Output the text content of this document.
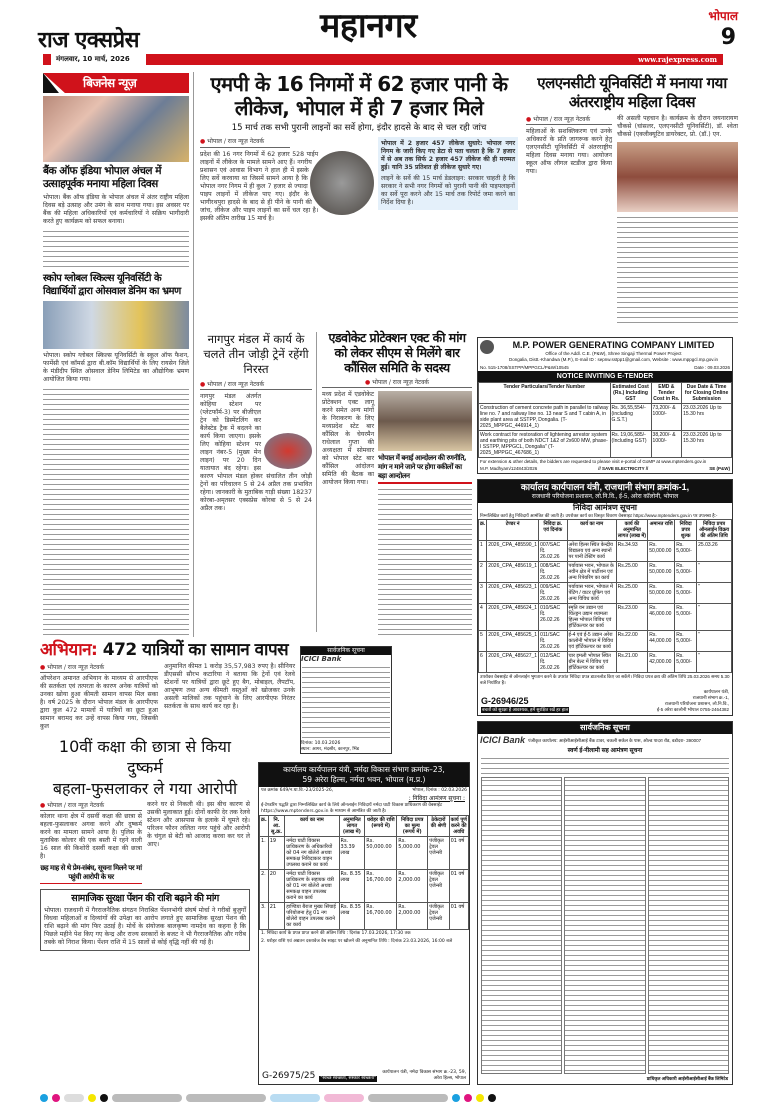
राज एक्सप्रेस	महानगर	भोपाल
9
मंगलवार, 10 मार्च, 2026	www.rajexpress.com
बिजनेस न्यूज़
बैंक ऑफ इंडिया भोपाल अंचल में उत्साहपूर्वक मनाया महिला दिवस
भोपाल। बैंक ऑफ इंडिया के भोपाल अंचल में अंतर राष्ट्रीय महिला दिवस बड़े उत्साह और उमंग के साथ मनाया गया। इस अवसर पर बैंक की महिला अधिकारियों एवं कर्मचारियों ने सक्रिय भागीदारी करते हुए कार्यक्रम को सफल बनाया।
स्कोप ग्लोबल स्किल्स यूनिवर्सिटी के विद्यार्थियों द्वारा ओसवाल डेनिम का भ्रमण
भोपाल। स्कोप ग्लोबल स्किल्स यूनिवर्सिटी के स्कूल ऑफ फैशन, फार्मेसी एवं कॉमर्स द्वारा बी.कॉम विद्यार्थियों के लिए रायसेन जिले के मंडीदीप स्थित ओसवाल डेनिम लिमिटेड का औद्योगिक भ्रमण आयोजित किया गया।
एमपी के 16 निगमों में 62 हजार पानी के लीकेज, भोपाल में ही 7 हजार मिले
15 मार्च तक सभी पुरानी लाइनों का सर्वे होगा, इंदौर हादसे के बाद से चल रही जांच
● भोपाल / राज न्यूज़ नेटवर्क
प्रदेश की 16 नगर निगमों में 62 हजार 528 पाईप लाइनों में लीकेज के मामले सामने आए हैं। नगरीय प्रशासन एवं आवास विभाग ने हाल ही में इसके लिए सर्वे करवाया था जिसमें सामने आया है कि भोपाल नगर निगम में ही कुल 7 हजार से ज्यादा पाइप लाइनों में लीकेज पाए गए। इंदौर के भागीरथपुरा हादसे के बाद से ही पीने के पानी की जांच, लीकेज और पाइप लाइनों का सर्वे चल रहा है। इसकी अंतिम तारीख 15 मार्च है।
भोपाल में 2 हजार 457 लीकेज सुधारे: भोपाल नगर निगम के जारी किए गए डेटा से पता चलता है कि 7 हजार में से अब तक सिर्फ 2 हजार 457 लीकेज की ही मरम्मत हुई। यानि 35 प्रतिशत ही लीकेज सुधारे गए।
लाइनें के सर्वे की 15 मार्च डेडलाइन: सरकार चाहती है कि सरकार ने सभी नगर निगमों को पुरानी पानी की पाइपलाइनों का सर्वे पूरा करने और 15 मार्च तक रिपोर्ट जमा करने का निर्देश दिया है।
एलएनसीटी यूनिवर्सिटी में मनाया गया अंतरराष्ट्रीय महिला दिवस
● भोपाल / राज न्यूज़ नेटवर्क
महिलाओं के सशक्तिकरण एवं उनके अधिकारों के प्रति जागरूक करने हेतु एलएनसीटी यूनिवर्सिटी में अंतरराष्ट्रीय महिला दिवस मनाया गया। आयोजन स्कूल ऑफ लीगल स्टडीज द्वारा किया गया।
की असली पहचान है। कार्यक्रम के दौरान जयनारायण चौकसे (चांसलर, एलएनसीटी यूनिवर्सिटी), डॉ. श्वेता चौकसे (एक्जीक्यूटिव डायरेक्टर, प्रो. (डॉ.) एन.
नागपुर मंडल में कार्य के चलते तीन जोड़ी ट्रेनें रहेंगी निरस्त
● भोपाल / राज न्यूज़ नेटवर्क
नागपुर मंडल अंतर्गत कोहिया स्टेशन पर (प्लेटफॉर्म-3) पर बीजीएल ट्रेन को डिस्मेंटलिंग कर बैलेस्टेड ट्रैक में बदलने का कार्य किया जाएगा। इसके लिए कोहिया स्टेशन पर लाइन नंबर-5 (मुख्य मेन लाइन) पर 20 दिन यातायात बंद रहेगा। इस कारण भोपाल मंडल होकर संचालित तीन जोड़ी ट्रेनों का परिचालन 5 से 24 अप्रैल तक प्रभावित रहेगा। जानकारी के मुताबिक गाड़ी संख्या 18237 कोरबा-अमृतसर एक्सप्रेस कोरबा से 5 से 24 अप्रैल तक।
एडवोकेट प्रोटेक्शन एक्ट की मांग को लेकर सीएम से मिलेंगे बार कौंसिल समिति के सदस्य
● भोपाल / राज न्यूज़ नेटवर्क
मध्य प्रदेश में एडवोकेट प्रोटेक्शन एक्ट लागू करने समेत अन्य मांगों के निराकरण के लिए मध्यप्रदेश स्टेट बार कौंसिल के चेयरमैन राधेलाल गुप्ता की अध्यक्षता में सोमवार को भोपाल स्टेट बार कौंसिल आंदोलन समिति की बैठक का आयोजन किया गया।
भोपाल में बनाई आन्दोलन की रणनीति, मांग न माने जाने पर होगा वकीलों का बड़ा आन्दोलन
M.P. POWER GENERATING COMPANY LIMITED
Office of the Addl. C.E. (P&W), Shree Singaji Thermal Power Project
Dongalia, Distt.-Khandwa (M.P.), E-mail ID : sepnw.sstpp1@gmail.com, Website : www.mppgcl.mp.gov.in
No. 515-1708/SSTPP/MPPGCL/P&W/10545	Date : 09.03.2026
NOTICE INVITING E-TENDER
Tender Particulars/Tender Number	Estimated Cost (Rs.) Including GST	EMD & Tender Cost in Rs.	Due Date & Time for Closing Online Submission
Construction of cement concrete path in parallel to railway line no. 7 and railway line no. 13 near S and T cabin A, in side plant area at SSTPP, Dongalia. (T-2025_MPPGC_446914_1)	Rs. 36,55,554/- (including G.S.T.)	73,200/- & 1000/-	23.03.2026 Up to 15.30 hrs
Work contract for restoration of lightening arrestor system and earthing pits of both NDCT 1&2 of 2x600 MW, phase-I SSTPP, MPPGCL, Dongalia" (T-2025_MPPGC_467686_1)	Rs. 19,06,585/- (Including GST)	38,200/- & 1000/-	23.03.2026 Up to 15.30 hrs
For extension & other details, the bidders are requested to please visit e-portal of GoMP at www.mptenders.gov.in
M.P. Madhyam/124843/2026	// SAVE ELECTRICITY //	SE (P&W)
कार्यालय कार्यपालन यंत्री, राजधानी संभाग क्रमांक-1,
राजधानी परियोजना प्रशासन, लो.नि.वि., ई-5, अरेरा कॉलोनी, भोपाल
निविदा आमंत्रण सूचना
निम्नलिखित कार्य हेतु निविदायें आमंत्रित की जाती है। उपरोक्त कार्य का विस्तृत विवरण वेबसाइट https://www.mptenders.gov.in पर उपलब्ध है:-
क्र.	टेण्डर नं	निविदा क्र. एवं दिनांक	कार्य का नाम	कार्य की अनुमानित लागत (लाख में)	अमानत राशि	निविदा प्रपत्र शुल्क	निविदा प्रपत्र ऑनलाईन विक्रय की अंतिम तिथि
1	2026_CPA_485590_1	007/SAC दि. 26.02.26	अरेरा हिल्स स्थित केन्द्रीय विद्यालय एवं अन्य स्थानों पर पानी टेस्टिंग कार्य	Rs.34.93	Rs. 50,000.00	Rs. 5,000/-	25.03.26
2	2026_CPA_485619_1	008/SAC दि. 26.02.26	पर्यावास भवन, भोपाल के नवीन क्षेत्र में पार्टीशन एवं अन्य रिपेयरिंग का कार्य	Rs.25.00	Rs. 50,000.00	Rs. 5,000/-	"
3	2026_CPA_485623_1	009/SAC दि. 26.02.26	पर्यावास भवन, भोपाल में पेंटिंग / वाटर प्रूफिंग एवं अन्य विविध कार्य	Rs.25.00	Rs. 50,000.00	Rs. 5,000/-	"
4	2026_CPA_485624_1	010/SAC दि. 26.02.26	स्मृति वन उद्यान एवं चिल्ड्रन उद्यान श्यामला हिल्स भोपाल विविध एवं हॉर्टिकल्चर का कार्य	Rs.23.00	Rs. 46,000.00	Rs. 5,000/-	"
5	2026_CPA_485625_1	011/SAC दि. 26.02.26	ई-4 एवं ई-5 उद्यान अरेरा कालोनी भोपाल में विविध एवं हॉर्टिकल्चर का कार्य	Rs.22.00	Rs. 44,000.00	Rs. 5,000/-	"
6	2026_CPA_485627_1	012/SAC दि. 26.02.26	चार इमली भोपाल स्थित ग्रीन बेल्ट में विविध एवं हॉर्टिकल्चर का कार्य	Rs.21.00	Rs. 42,000.00	Rs. 5,000/-	"
उपरोक्त वेबसाईट से ऑनलाईन भुगतान करने के उपरांत निविदा प्रपत्र डाउनलोड किए जा सकेंगे। निविदा प्रपत्र क्रय की अंतिम तिथि 25.03.2026 समय 5.30 बजे निर्धारित है।
G-26946/25
बचतों को सुरक्षा है आवश्यक, हमें सुरक्षित रखें हर हाल
कार्यपालन यंत्री,
राजधानी संभाग क्र.-1,
राजधानी परियोजना प्रशासन, लो.नि.वि.,
ई-5 अरेरा कालोनी भोपाल 0755-2464382
सार्वजनिक सूचना
ICICI Bank पंजीकृत कार्यालय: आईसीआईसीआई बैंक टावर, चकली सर्कल के पास, ओल्ड पादरा रोड, वडोदरा- 390007
स्वर्ण ई-नीलामी सह आमंत्रण सूचना
प्राधिकृत अधिकारी आईसीआईसीआई बैंक लिमिटेड
सार्वजनिक सूचना
ICICI Bank
दिनांक: 10.03.2026
स्थान: आगर, मंदसौर, कानपुर, भिंड
अभियान: 472 यात्रियों का सामान वापस
● भोपाल / राज न्यूज़ नेटवर्क
ऑपरेशन अमानत अभियान के माध्यम से आरपीएफ की सतर्कता एवं तत्परता के कारण अनेक यात्रियों को उनका खोया हुआ कीमती सामान वापस मिल सका है। वर्ष 2025 के दौरान भोपाल मंडल के आरपीएफ द्वारा कुल 472 मामलों में यात्रियों का छूटा हुआ सामान बरामद कर उन्हें वापस किया गया, जिसकी कुल
अनुमानित कीमत 1 करोड़ 35,57,983 रुपए है। सीनियर डीएससी सौरभ कटारिया ने बताया कि ट्रेनों एवं रेलवे स्टेशनों पर यात्रियों द्वारा छूटे हुए बैग, मोबाइल, लैपटॉप, आभूषण तथा अन्य कीमती वस्तुओं को खोजकर उनके असली मालिकों तक पहुंचाने के लिए आरपीएफ निरंतर सतर्कता के साथ कार्य कर रहा है।
10वीं कक्षा की छात्रा से किया दुष्कर्म
बहला-फुसलाकर ले गया आरोपी
● भोपाल / राज न्यूज़ नेटवर्क
कोलार थाना क्षेत्र में दसवीं कक्षा की छात्रा से बहला-फुसलाकर अगवा करने और दुष्कर्म करने का मामला सामने आया है। पुलिस के मुताबिक कोलार की एक बस्ती में रहने वाली 16 साल की किशोरी दसवीं कक्षा की छात्रा है।
छह माह से थे प्रेम-संबंध, सूचना मिलने पर मां पहुंची आरोपी के घर
करने घर से निकली थी। इस बीच कारण से उसकी मुलाकात हुई। दोनों काफी देर तक रेलवे स्टेशन और आसपास के इलाके में घूमते रहे। परिजन फौरन ललिता नगर पहुंचे और आरोपी के चंगुल से बेटी को आजाद करवा कर घर ले आए।
सामाजिक सुरक्षा पेंशन की राशि बढ़ाने की मांग
भोपाल। राजधानी में गैरराजनैतिक संगठन निराश्रित पेंशनभोगी संघर्ष मोर्चा ने गरीबों बुजुर्गों विधवा महिलाओं व दिव्यांगों की उपेक्षा का आरोप लगाते हुए सामाजिक सुरक्षा पेंशन की राशि बढ़ाने की मांग फिर उठाई है। मोर्चे के संयोजक बालकृष्ण नामदेव का कहना है कि पिछले महीने पेश किए गए केन्द्र और राज्य सरकारों के बजट ने भी गैरराजनैतिक और गरीब तबके को निराश किया। पेंशन राशि में 15 सालों से कोई वृद्धि नहीं की गई है।
कार्यालय कार्यपालन यंत्री, नर्मदा विकास संभाग क्रमांक–23,
59 अरेरा हिल्स, नर्मदा भवन, भोपाल (म.प्र.)
पत्र क्रमांक 649/न.घा.वि.-23/2025-26,	भोपाल, दिनांक : 02.03.2026
: निविदा आमंत्रण सूचना :
ई-टेण्डरिंग पद्धति द्वारा निम्नलिखित कार्य के लिये ऑनलाईन निविदायें नर्मदा घाटी विकास प्राधिकरण की वेबसाईट https://www.mptenders.gov.in के माध्यम से आमंत्रित की जाती है।
क्र.	नि. आ. सू.क्र.	कार्य का नाम	अनुमानित लागत (लाख में)	धरोहर की राशि (रूपये में)	निविदा प्रपत्र का मूल्य (रूपये में)	ठेकेदारों की श्रेणी	कार्य पूर्ण करने की अवधि
1.	19	नर्मदा घाटी विकास प्राधिकरण के अधिकारियों को 04 नग बोलेरो अथवा समकक्ष निविदाकार वाहन उपलब्ध कराने का कार्य	Rs. 33.39 लाख	Rs. 50,000.00	Rs. 5,000.00	पंजीकृत ट्रेवल एजेन्सी	01 वर्ष
2.	20	नर्मदा घाटी विकास प्राधिकरण के सहायक यंत्री को 01 नग बोलेरो अथवा समकक्ष वाहन उपलब्ध कराने का कार्य	Rs. 8.35 लाख	Rs. 16,700.00	Rs. 2,000.00	पंजीकृत ट्रेवल एजेन्सी	01 वर्ष
3.	21	हाण्डिया बैराज मुख्य सिंचाई परियोजना हेतु 01 नग बोलेरो वाहन उपलब्ध कराने का कार्य	Rs. 8.35 लाख	Rs. 16,700.00	Rs. 2,000.00	पंजीकृत ट्रेवल एजेन्सी	01 वर्ष
1. निविदा कार्य के प्रपत्र प्राप्त करने की अंतिम तिथि : दिनांक 17.03.2026, 17:30 तक
2. धरोहर राशि एवं अद्यतन दस्तावेज वेब साइट पर खोलने की अनुमानित तिथि : दिनांक 23.03.2026, 16:00 बजे
G-26975/25 "स्वच्छ स्वच्छता, संस्कार स्वच्छता"
कार्यपालन यंत्री, नर्मदा विकास संभाग क्र.-23, 59, अरेरा हिल्स, भोपाल
